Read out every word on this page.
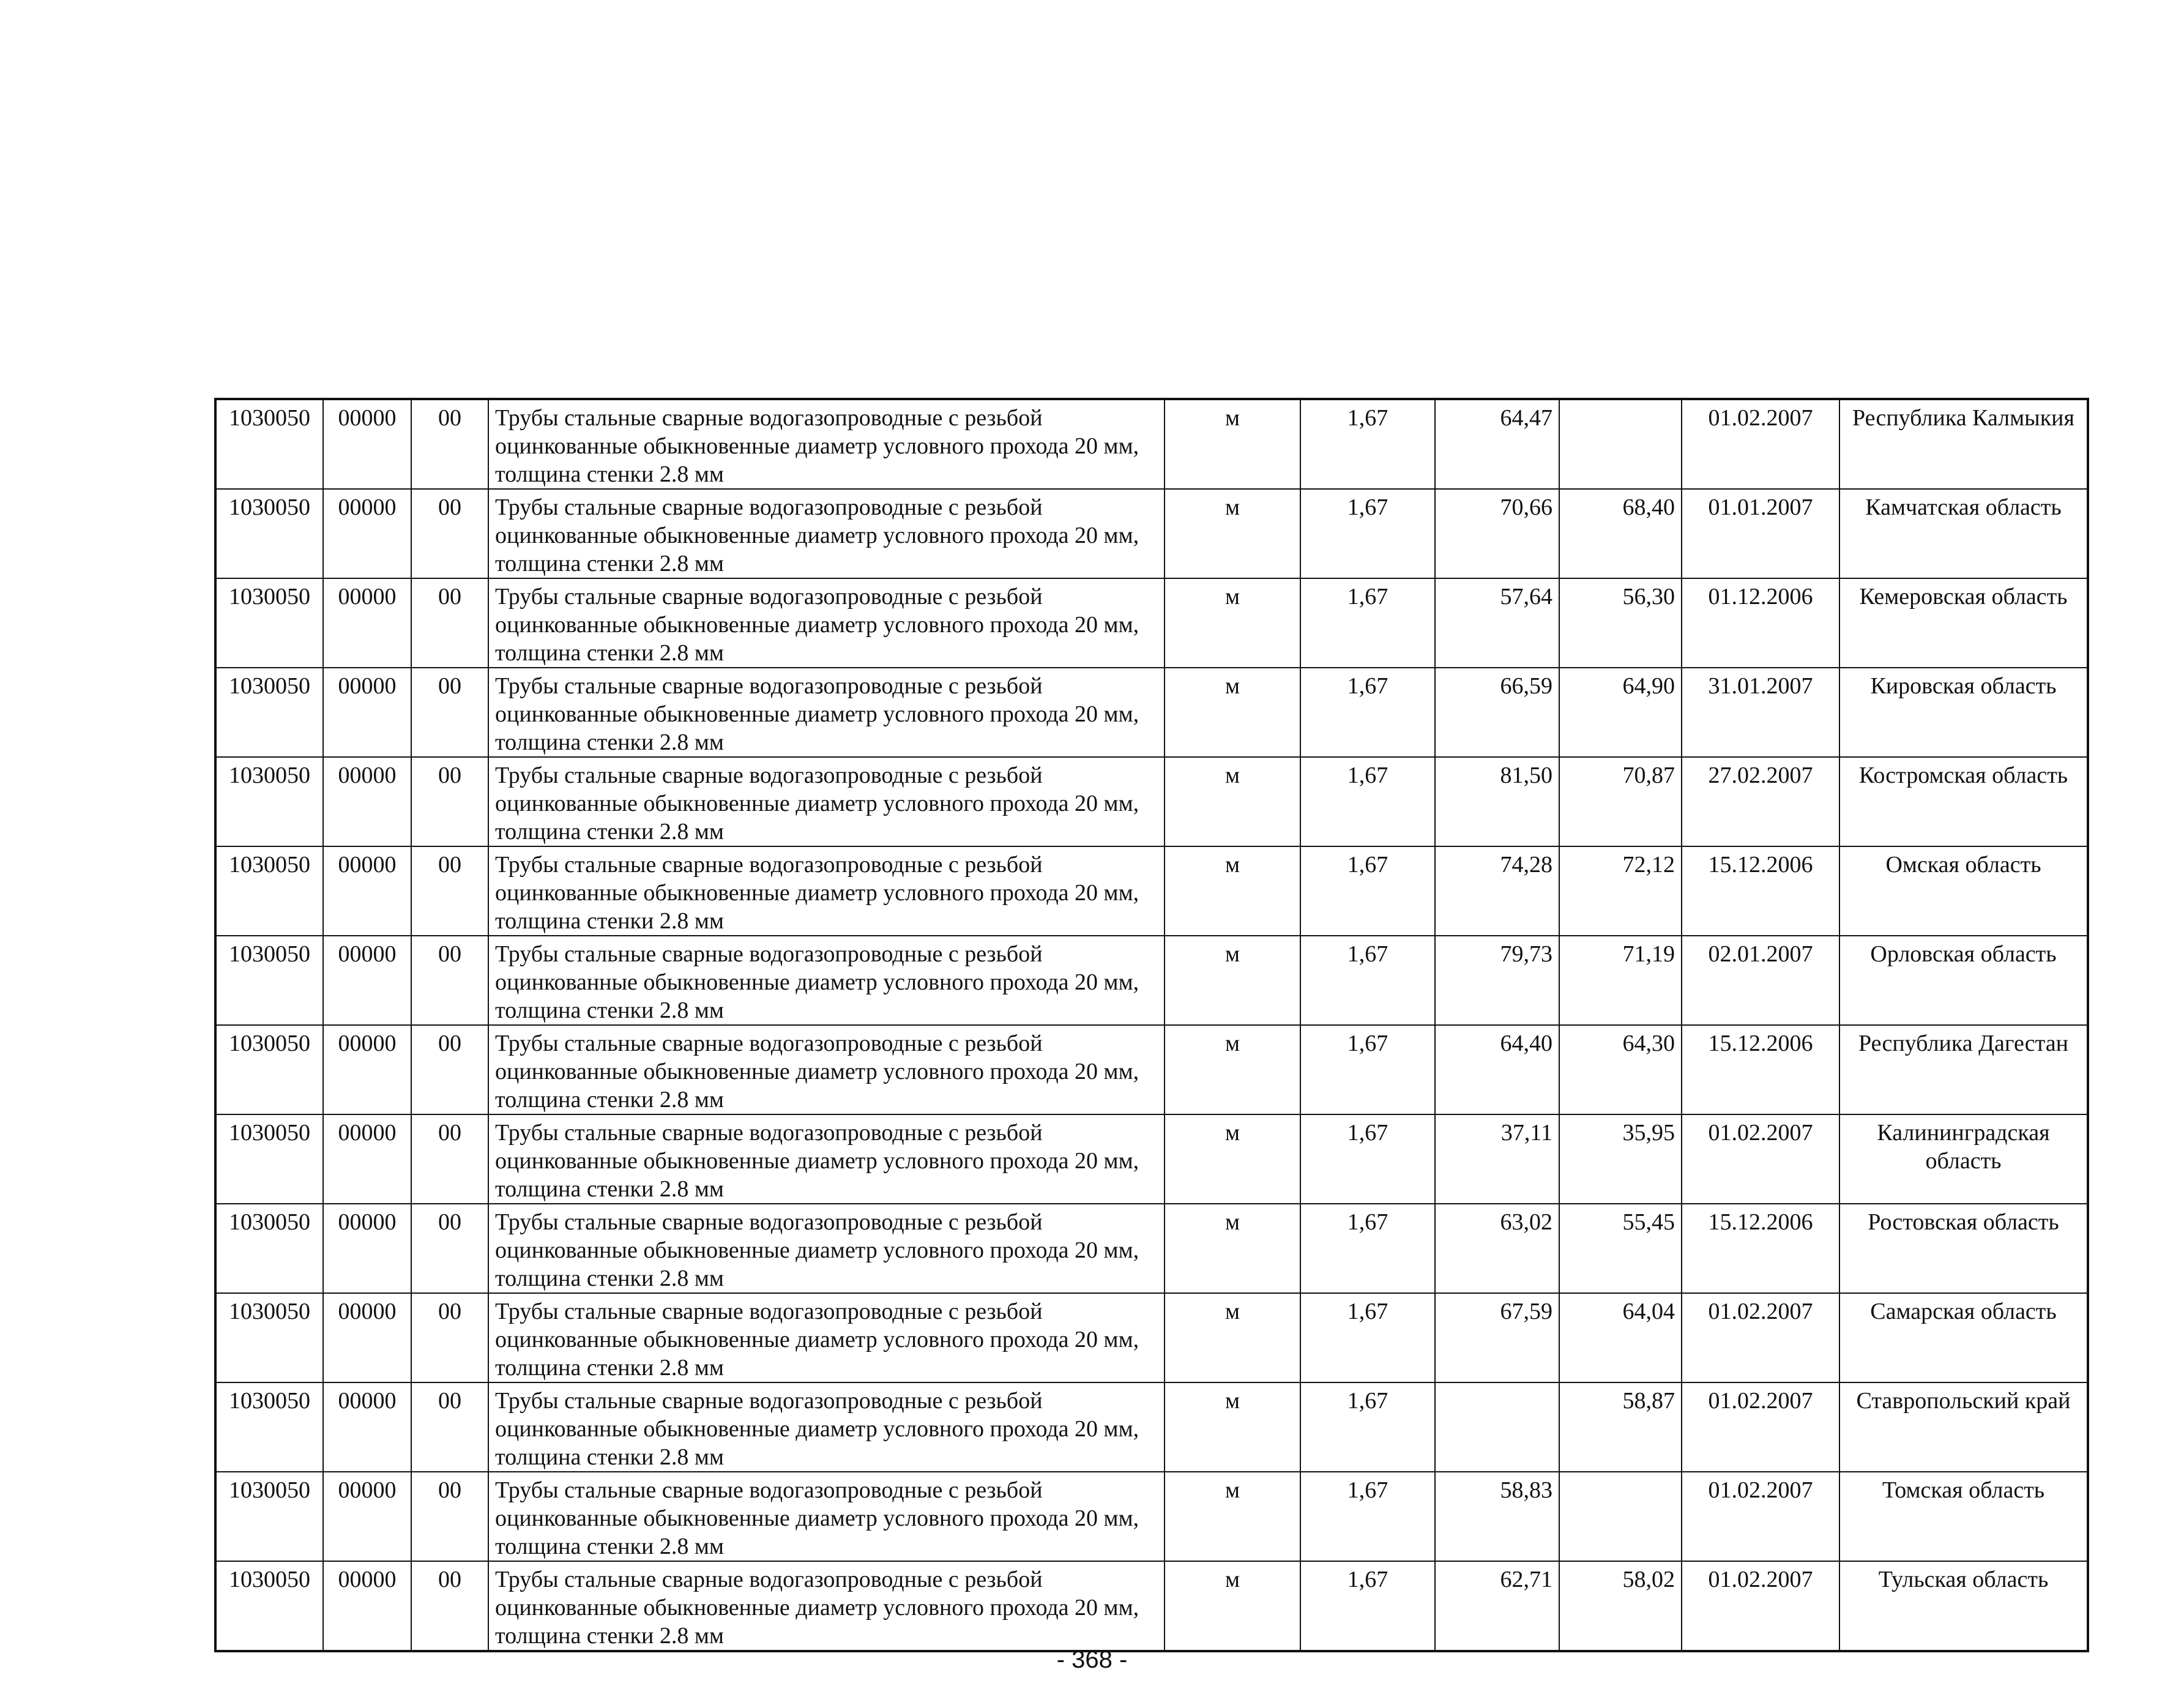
1030050	00000	00	Трубы стальные сварные водогазопроводные с резьбой оцинкованные обыкновенные диаметр условного прохода 20 мм, толщина стенки 2.8 мм	м	1,67	64,47		01.02.2007	Республика Калмыкия
1030050	00000	00	Трубы стальные сварные водогазопроводные с резьбой оцинкованные обыкновенные диаметр условного прохода 20 мм, толщина стенки 2.8 мм	м	1,67	70,66	68,40	01.01.2007	Камчатская область
1030050	00000	00	Трубы стальные сварные водогазопроводные с резьбой оцинкованные обыкновенные диаметр условного прохода 20 мм, толщина стенки 2.8 мм	м	1,67	57,64	56,30	01.12.2006	Кемеровская область
1030050	00000	00	Трубы стальные сварные водогазопроводные с резьбой оцинкованные обыкновенные диаметр условного прохода 20 мм, толщина стенки 2.8 мм	м	1,67	66,59	64,90	31.01.2007	Кировская область
1030050	00000	00	Трубы стальные сварные водогазопроводные с резьбой оцинкованные обыкновенные диаметр условного прохода 20 мм, толщина стенки 2.8 мм	м	1,67	81,50	70,87	27.02.2007	Костромская область
1030050	00000	00	Трубы стальные сварные водогазопроводные с резьбой оцинкованные обыкновенные диаметр условного прохода 20 мм, толщина стенки 2.8 мм	м	1,67	74,28	72,12	15.12.2006	Омская область
1030050	00000	00	Трубы стальные сварные водогазопроводные с резьбой оцинкованные обыкновенные диаметр условного прохода 20 мм, толщина стенки 2.8 мм	м	1,67	79,73	71,19	02.01.2007	Орловская область
1030050	00000	00	Трубы стальные сварные водогазопроводные с резьбой оцинкованные обыкновенные диаметр условного прохода 20 мм, толщина стенки 2.8 мм	м	1,67	64,40	64,30	15.12.2006	Республика Дагестан
1030050	00000	00	Трубы стальные сварные водогазопроводные с резьбой оцинкованные обыкновенные диаметр условного прохода 20 мм, толщина стенки 2.8 мм	м	1,67	37,11	35,95	01.02.2007	Калининградская область
1030050	00000	00	Трубы стальные сварные водогазопроводные с резьбой оцинкованные обыкновенные диаметр условного прохода 20 мм, толщина стенки 2.8 мм	м	1,67	63,02	55,45	15.12.2006	Ростовская область
1030050	00000	00	Трубы стальные сварные водогазопроводные с резьбой оцинкованные обыкновенные диаметр условного прохода 20 мм, толщина стенки 2.8 мм	м	1,67	67,59	64,04	01.02.2007	Самарская область
1030050	00000	00	Трубы стальные сварные водогазопроводные с резьбой оцинкованные обыкновенные диаметр условного прохода 20 мм, толщина стенки 2.8 мм	м	1,67		58,87	01.02.2007	Ставропольский край
1030050	00000	00	Трубы стальные сварные водогазопроводные с резьбой оцинкованные обыкновенные диаметр условного прохода 20 мм, толщина стенки 2.8 мм	м	1,67	58,83		01.02.2007	Томская область
1030050	00000	00	Трубы стальные сварные водогазопроводные с резьбой оцинкованные обыкновенные диаметр условного прохода 20 мм, толщина стенки 2.8 мм	м	1,67	62,71	58,02	01.02.2007	Тульская область
- 368 -
